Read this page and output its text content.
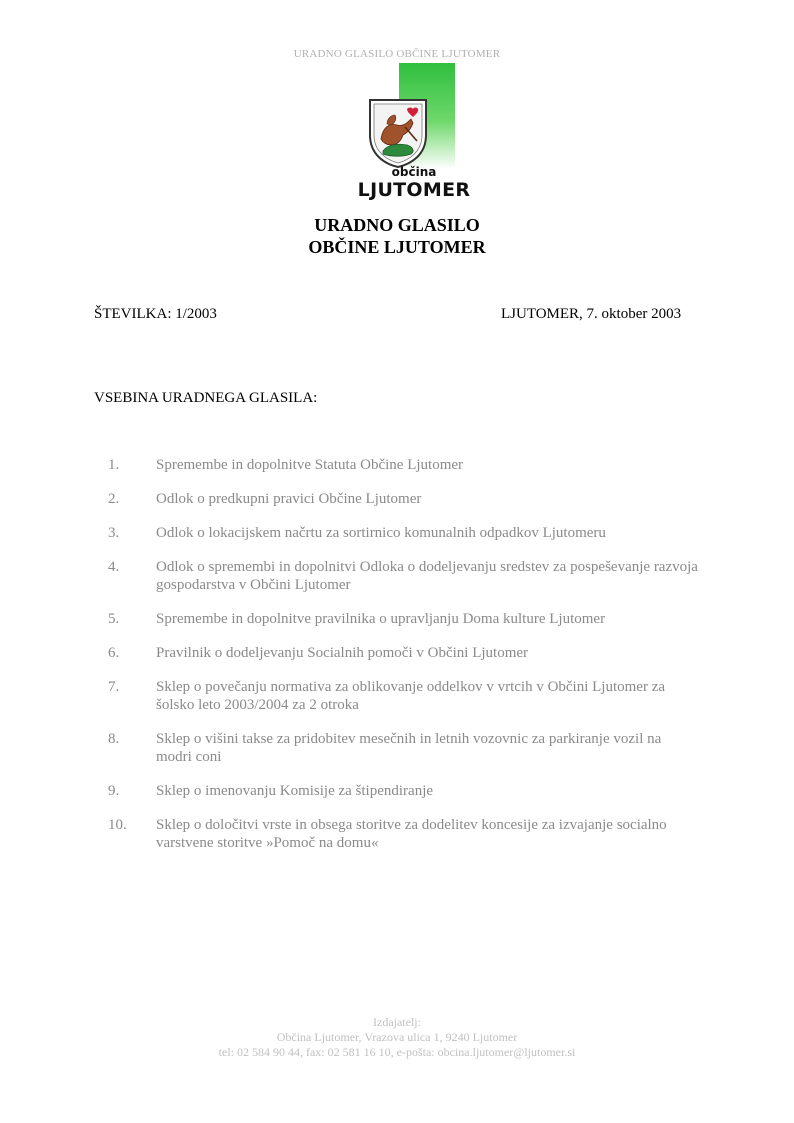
URADNO GLASILO OBČINE LJUTOMER
občina
LJUTOMER
URADNO GLASILO
OBČINE LJUTOMER
ŠTEVILKA: 1/2003	LJUTOMER, 7. oktober 2003
VSEBINA URADNEGA GLASILA:
1. Spremembe in dopolnitve Statuta Občine Ljutomer
2. Odlok o predkupni pravici Občine Ljutomer
3. Odlok o lokacijskem načrtu za sortirnico komunalnih odpadkov Ljutomeru
4. Odlok o spremembi in dopolnitvi Odloka o dodeljevanju sredstev za pospeševanje razvoja gospodarstva v Občini Ljutomer
5. Spremembe in dopolnitve pravilnika o upravljanju Doma kulture Ljutomer
6. Pravilnik o dodeljevanju Socialnih pomoči v Občini Ljutomer
7. Sklep o povečanju normativa za oblikovanje oddelkov v vrtcih v Občini Ljutomer za šolsko leto 2003/2004 za 2 otroka
8. Sklep o višini takse za pridobitev mesečnih in letnih vozovnic za parkiranje vozil na modri coni
9. Sklep o imenovanju Komisije za štipendiranje
10. Sklep o določitvi vrste in obsega storitve za dodelitev koncesije za izvajanje socialno varstvene storitve »Pomoč na domu«
Izdajatelj:
Občina Ljutomer, Vrazova ulica 1, 9240 Ljutomer
tel: 02 584 90 44, fax: 02 581 16 10, e-pošta: obcina.ljutomer@ljutomer.si
